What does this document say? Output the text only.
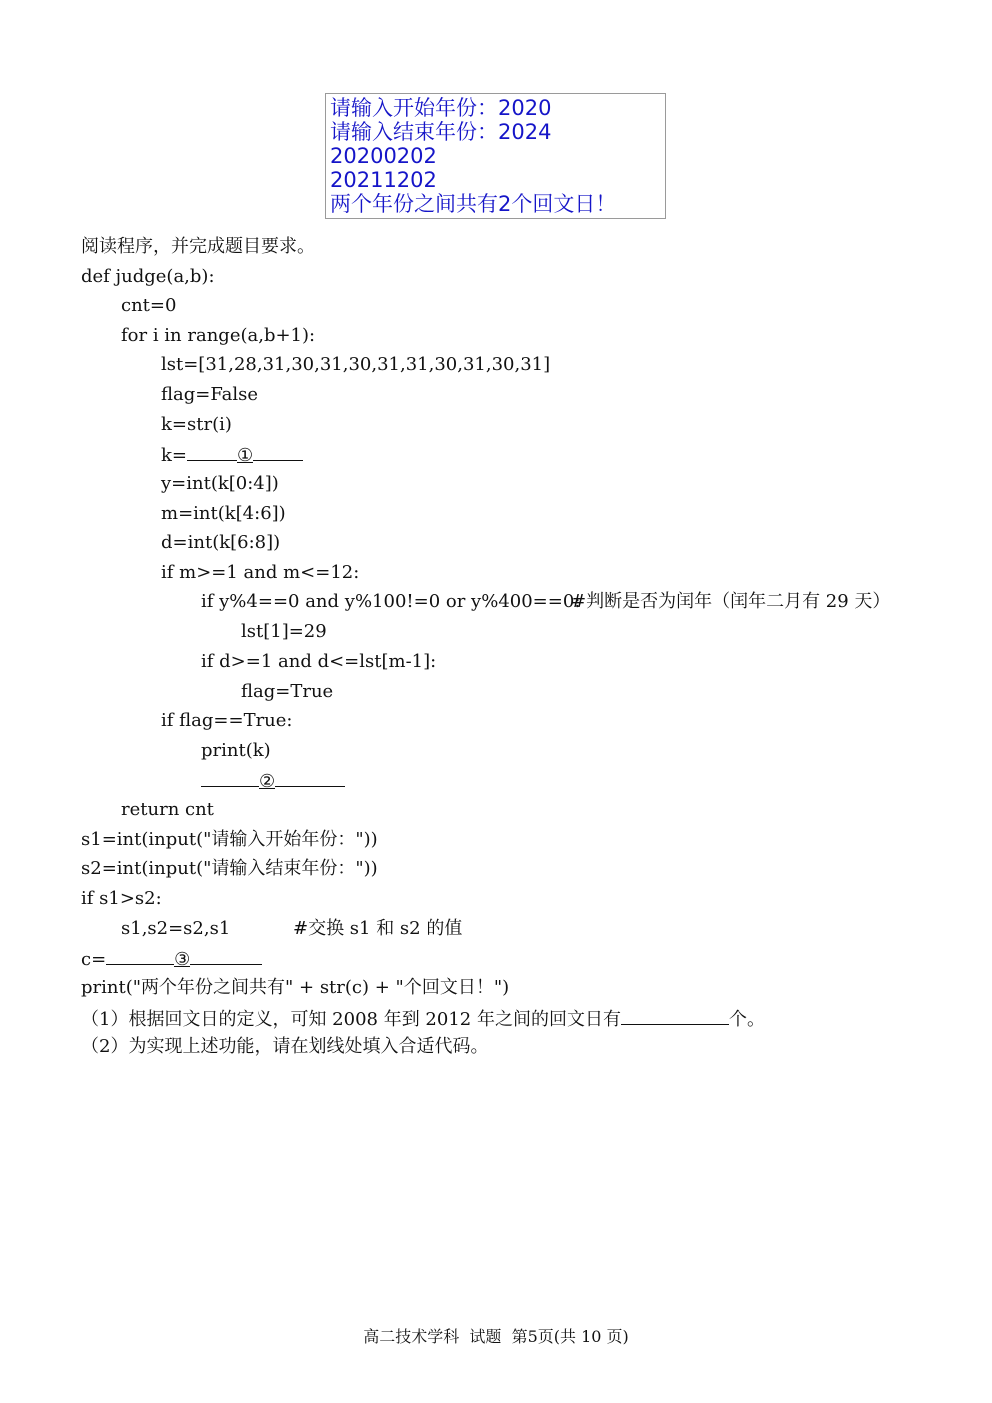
请输入开始年份：2020
请输入结束年份：2024
20200202
20211202
两个年份之间共有2个回文日！
阅读程序，并完成题目要求。
def judge(a,b):
cnt=0
for i in range(a,b+1):
lst=[31,28,31,30,31,30,31,31,30,31,30,31]
flag=False
k=str(i)
k=	①
y=int(k[0:4])
m=int(k[4:6])
d=int(k[6:8])
if m>=1 and m<=12:
if y%4==0 and y%100!=0 or y%400==0:
#判断是否为闰年（闰年二月有 29 天）
lst[1]=29
if d>=1 and d<=lst[m-1]:
flag=True
if flag==True:
print(k)
②
return cnt
s1=int(input("请输入开始年份："))
s2=int(input("请输入结束年份："))
if s1>s2:
s1,s2=s2,s1	#交换 s1 和 s2 的值
c=	③
print("两个年份之间共有" + str(c) + "个回文日！")
（1）根据回文日的定义，可知 2008 年到 2012 年之间的回文日有	个。
（2）为实现上述功能，请在划线处填入合适代码。
高二技术学科  试题  第5页(共 10 页)
